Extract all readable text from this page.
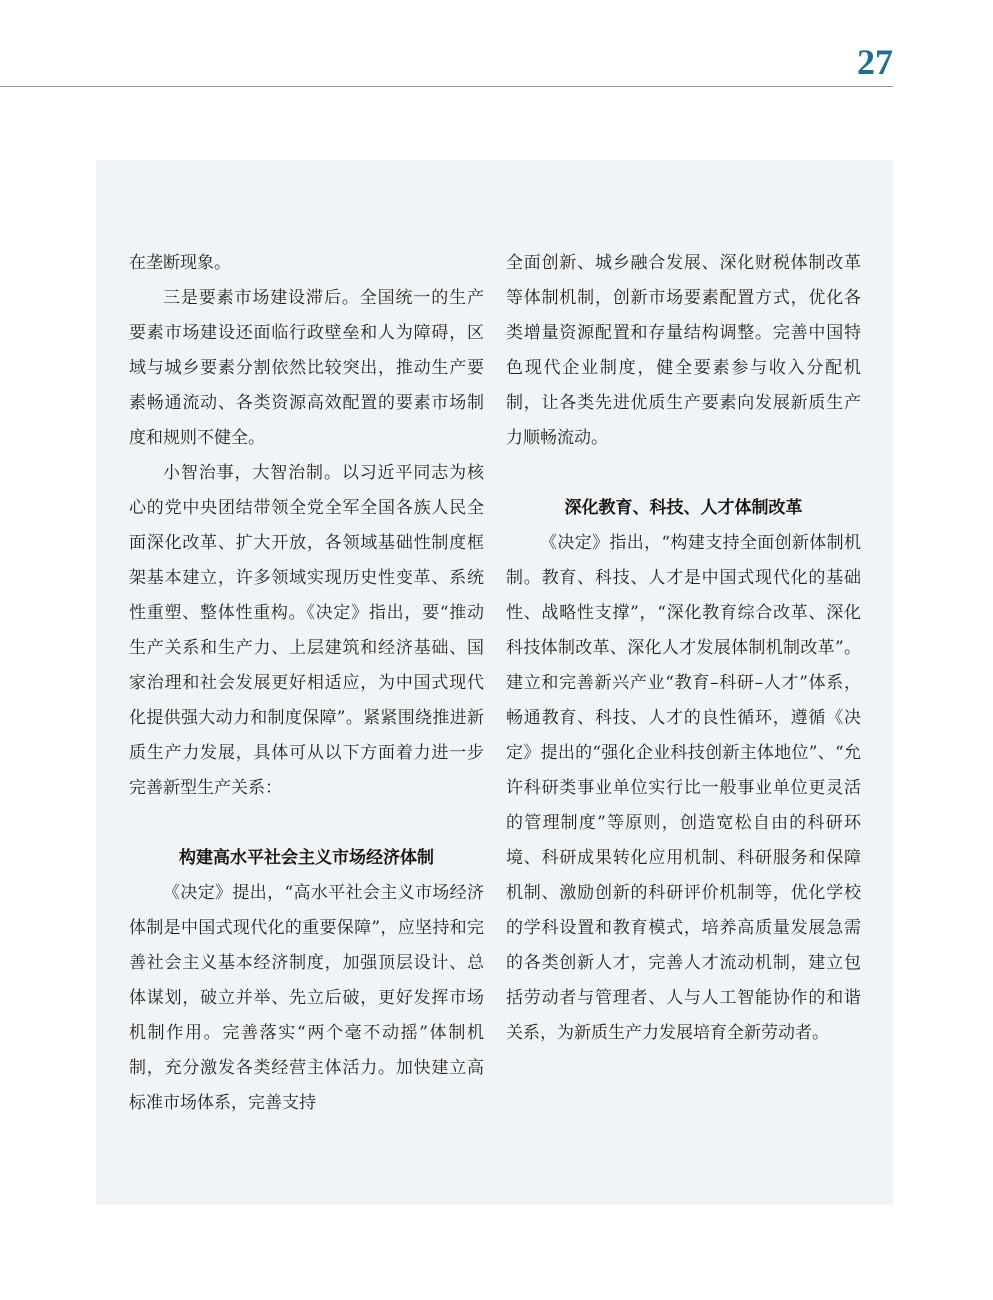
27

在垄断现象。

三是要素市场建设滞后。全国统一的生产要素市场建设还面临行政壁垒和人为障碍，区域与城乡要素分割依然比较突出，推动生产要素畅通流动、各类资源高效配置的要素市场制度和规则不健全。

小智治事，大智治制。以习近平同志为核心的党中央团结带领全党全军全国各族人民全面深化改革、扩大开放，各领域基础性制度框架基本建立，许多领域实现历史性变革、系统性重塑、整体性重构。《决定》指出，要“推动生产关系和生产力、上层建筑和经济基础、国家治理和社会发展更好相适应，为中国式现代化提供强大动力和制度保障”。紧紧围绕推进新质生产力发展，具体可从以下方面着力进一步完善新型生产关系：

构建高水平社会主义市场经济体制

《决定》提出，“高水平社会主义市场经济体制是中国式现代化的重要保障”，应坚持和完善社会主义基本经济制度，加强顶层设计、总体谋划，破立并举、先立后破，更好发挥市场机制作用。完善落实“两个毫不动摇”体制机制，充分激发各类经营主体活力。加快建立高标准市场体系，完善支持

全面创新、城乡融合发展、深化财税体制改革等体制机制，创新市场要素配置方式，优化各类增量资源配置和存量结构调整。完善中国特色现代企业制度，健全要素参与收入分配机制，让各类先进优质生产要素向发展新质生产力顺畅流动。

深化教育、科技、人才体制改革

《决定》指出，“构建支持全面创新体制机制。教育、科技、人才是中国式现代化的基础性、战略性支撑”，“深化教育综合改革、深化科技体制改革、深化人才发展体制机制改革”。建立和完善新兴产业“教育–科研–人才”体系，畅通教育、科技、人才的良性循环，遵循《决定》提出的“强化企业科技创新主体地位”、“允许科研类事业单位实行比一般事业单位更灵活的管理制度”等原则，创造宽松自由的科研环境、科研成果转化应用机制、科研服务和保障机制、激励创新的科研评价机制等，优化学校的学科设置和教育模式，培养高质量发展急需的各类创新人才，完善人才流动机制，建立包括劳动者与管理者、人与人工智能协作的和谐关系，为新质生产力发展培育全新劳动者。
